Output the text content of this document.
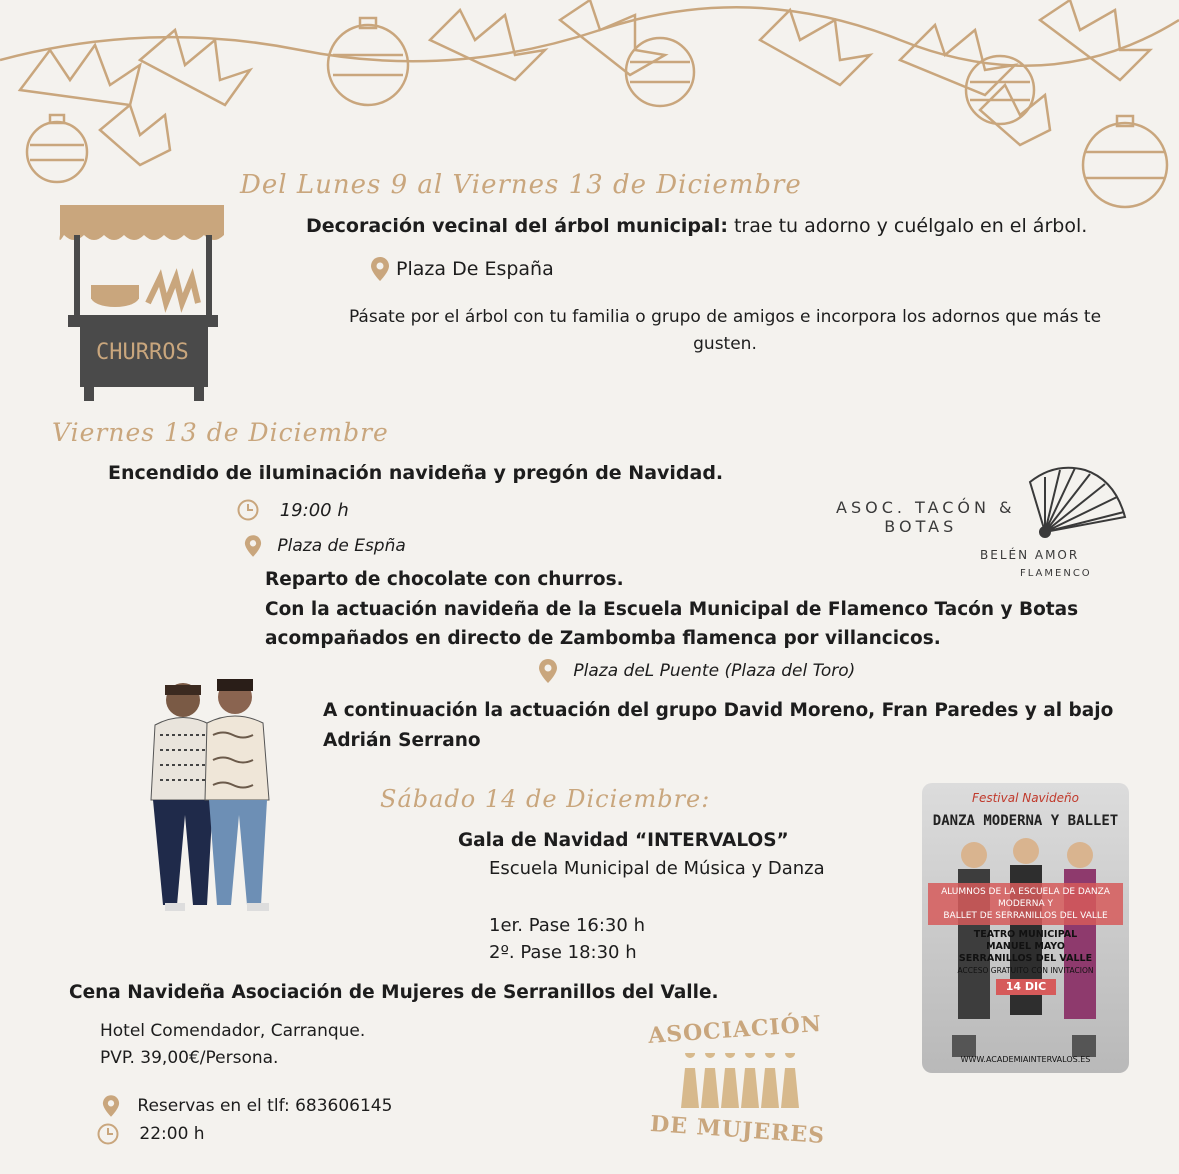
Del Lunes 9 al Viernes 13 de Diciembre
CHURROS
Decoración vecinal del árbol municipal: trae tu adorno y cuélgalo en el árbol.
Plaza De España
Pásate por el árbol con tu familia o grupo de amigos e incorpora los adornos que más te
gusten.
Viernes 13 de Diciembre
Encendido de iluminación navideña y pregón de Navidad.
19:00 h
Plaza de Espña
Reparto de chocolate con churros.
Con la actuación navideña de la Escuela Municipal de Flamenco Tacón y Botas
acompañados en directo de Zambomba flamenca por villancicos.
Plaza deL Puente (Plaza del Toro)
A continuación la actuación del grupo David Moreno, Fran Paredes y al bajo
Adrián Serrano
ASOC. TACÓN &
BOTAS
BELÉN AMOR
FLAMENCO
Sábado 14 de Diciembre:
Gala de Navidad “INTERVALOS”
Escuela Municipal de Música y Danza
1er. Pase 16:30 h
2º. Pase 18:30 h
Festival Navideño
DANZA MODERNA Y BALLET
ALUMNOS DE LA ESCUELA DE DANZA MODERNA Y
BALLET DE SERRANILLOS DEL VALLE
TEATRO MUNICIPAL
MANUEL MAYO
SERRANILLOS DEL VALLE
ACCESO GRATUITO CON INVITACION
14 DIC
WWW.ACADEMIAINTERVALOS.ES
Cena Navideña Asociación de Mujeres de Serranillos del Valle.
Hotel Comendador, Carranque.
PVP. 39,00€/Persona.
Reservas en el tlf: 683606145
22:00 h
ASOCIACIÓN
DE MUJERES
